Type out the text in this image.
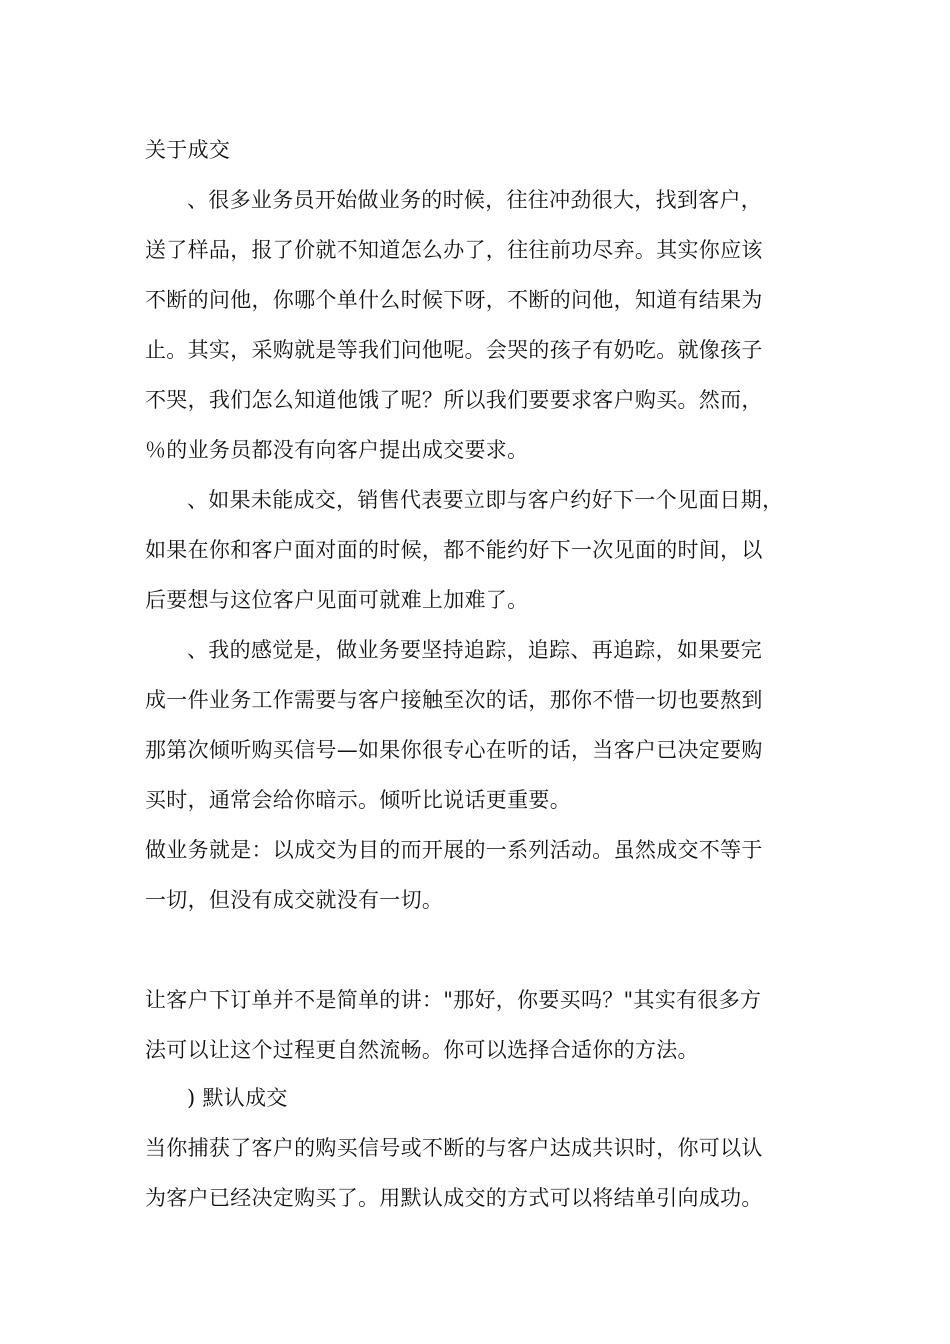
关于成交
、很多业务员开始做业务的时候，往往冲劲很大，找到客户，
送了样品，报了价就不知道怎么办了，往往前功尽弃。其实你应该
不断的问他，你哪个单什么时候下呀，不断的问他，知道有结果为
止。其实，采购就是等我们问他呢。会哭的孩子有奶吃。就像孩子
不哭，我们怎么知道他饿了呢？所以我们要要求客户购买。然而，
％的业务员都没有向客户提出成交要求。
、如果未能成交，销售代表要立即与客户约好下一个见面日期，
如果在你和客户面对面的时候，都不能约好下一次见面的时间，以
后要想与这位客户见面可就难上加难了。
、我的感觉是，做业务要坚持追踪，追踪、再追踪，如果要完
成一件业务工作需要与客户接触至次的话，那你不惜一切也要熬到
那第次倾听购买信号—如果你很专心在听的话，当客户已决定要购
买时，通常会给你暗示。倾听比说话更重要。
做业务就是：以成交为目的而开展的一系列活动。虽然成交不等于
一切，但没有成交就没有一切。
让客户下订单并不是简单的讲："那好，你要买吗？"其实有很多方
法可以让这个过程更自然流畅。你可以选择合适你的方法。
) 默认成交
当你捕获了客户的购买信号或不断的与客户达成共识时，你可以认
为客户已经决定购买了。用默认成交的方式可以将结单引向成功。
